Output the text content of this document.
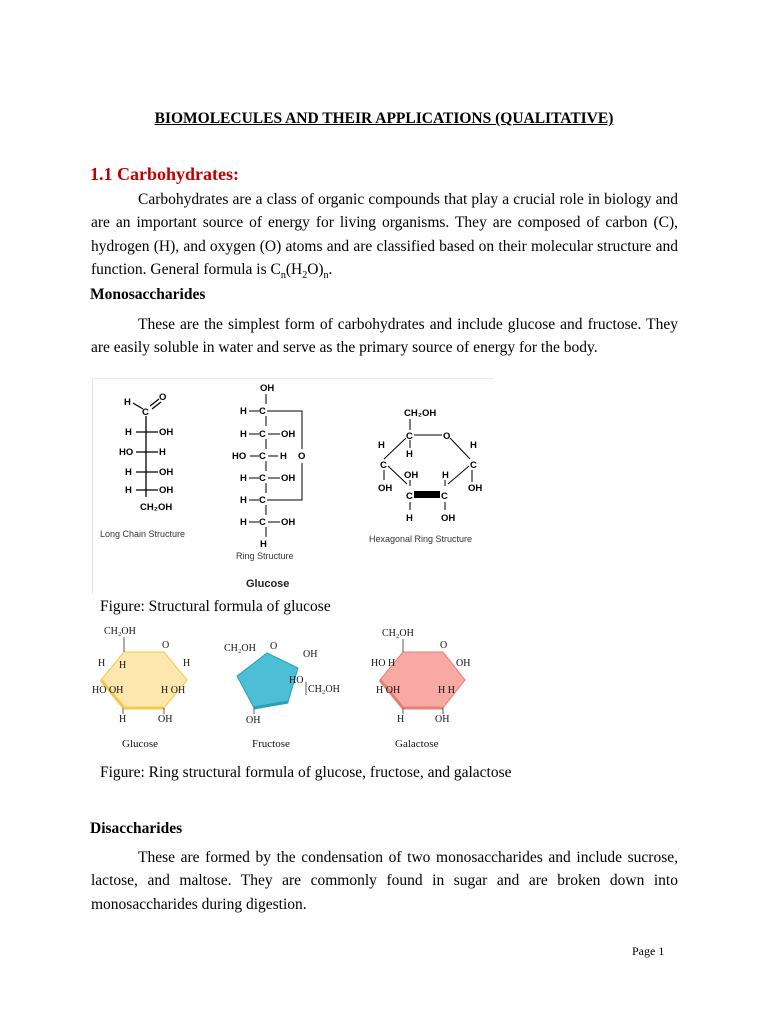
BIOMOLECULES AND THEIR APPLICATIONS (QUALITATIVE)
1.1 Carbohydrates:
Carbohydrates are a class of organic compounds that play a crucial role in biology and are an important source of energy for living organisms. They are composed of carbon (C), hydrogen (H), and oxygen (O) atoms and are classified based on their molecular structure and function. General formula is $C_n(H_2O)_n$.
Monosaccharides
These are the simplest form of carbohydrates and include glucose and fructose. They are easily soluble in water and serve as the primary source of energy for the body.
H
C
O
H	OH
HO	H
H	OH
H	OH
CH₂OH
Long Chain Structure
OH
H C
H C OH
HO C H
H C OH
H C
H C OH
H
O
Ring Structure
CH₂OH
C	O
H
H	H
C	C
OH
OH
OH	H
C	C
H	OH
Hexagonal Ring Structure
Glucose
Figure: Structural formula of glucose
CH₂OH
O
H H	H
HO OH	H OH
H	OH
Glucose
CH₂OH O
OH
HO
CH₂OH
OH
Fructose
CH₂OH
O
HO H	OH
H OH	H H
H	OH
Galactose
Figure: Ring structural formula of glucose, fructose, and galactose
Disaccharides
These are formed by the condensation of two monosaccharides and include sucrose, lactose, and maltose. They are commonly found in sugar and are broken down into monosaccharides during digestion.
Page 1
